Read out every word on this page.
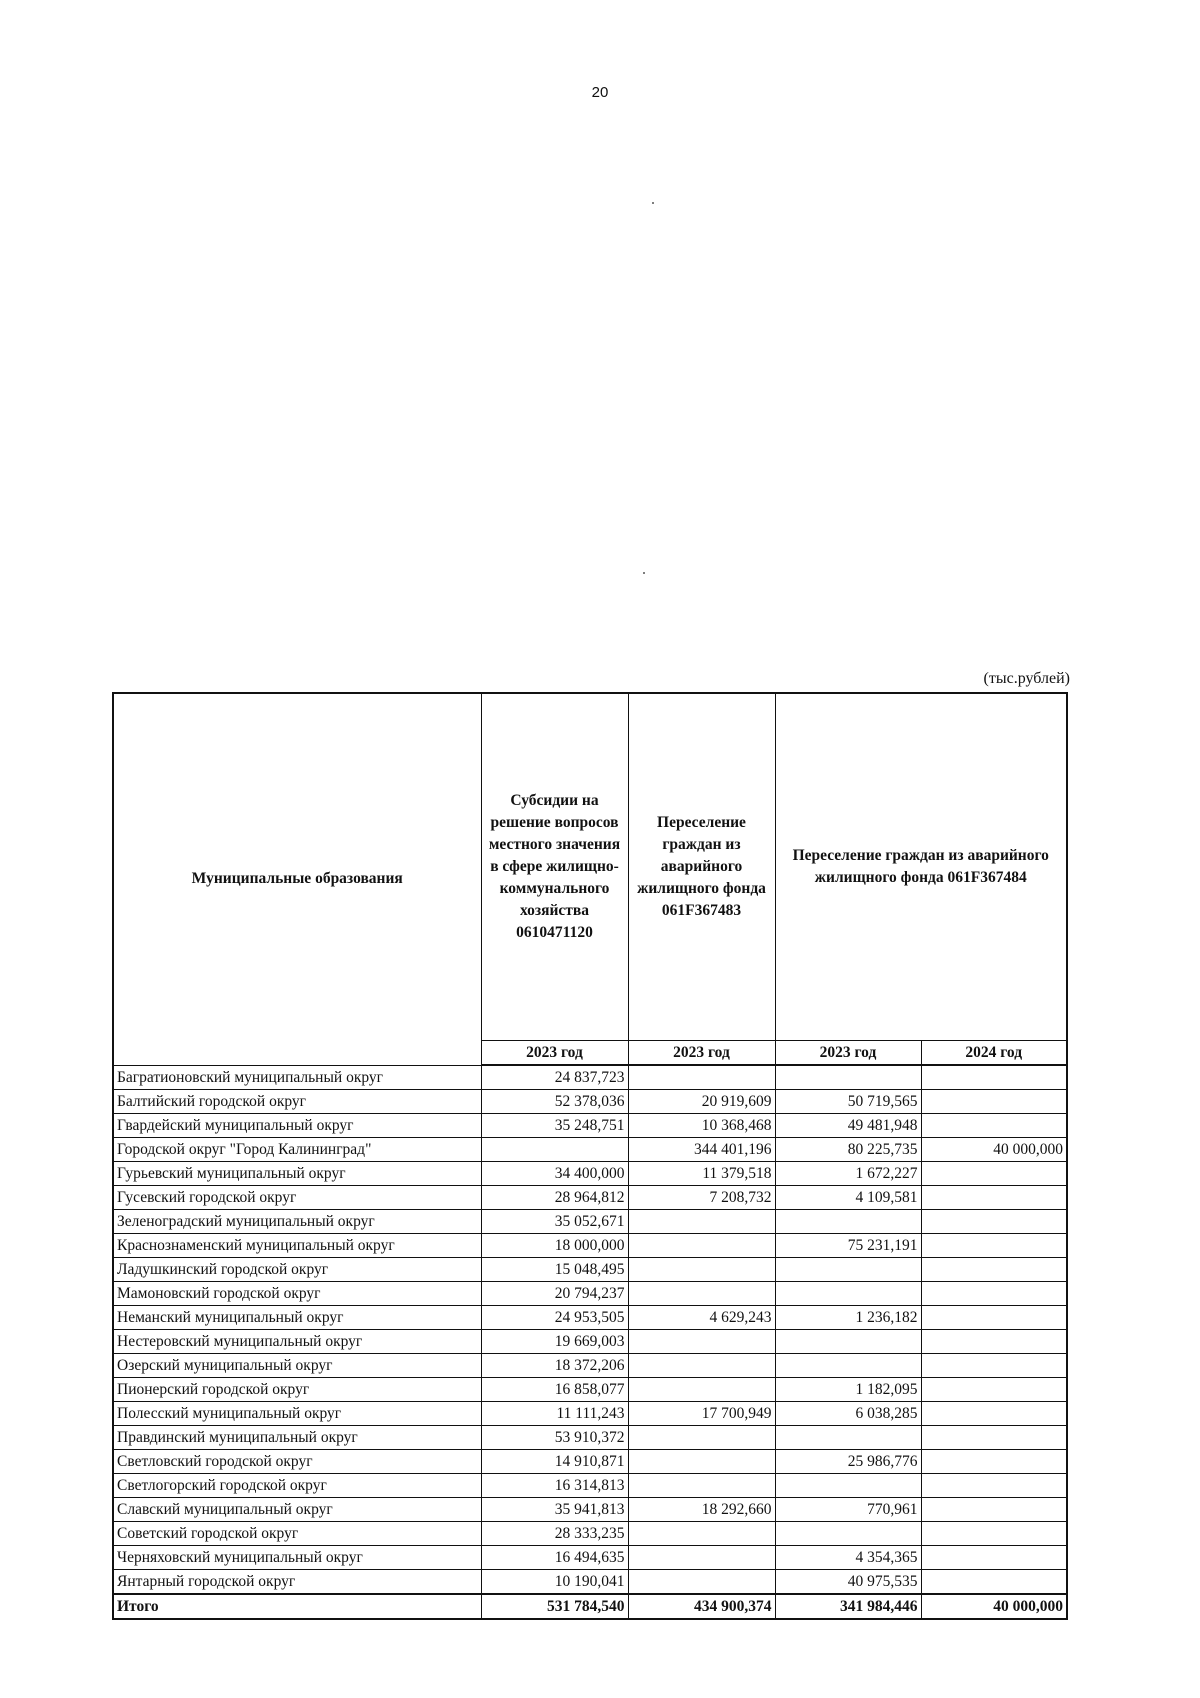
20
(тыс.рублей)
Муниципальные образования	Субсидии на решение вопросов местного значения в сфере жилищно-коммунального хозяйства 0610471120	Переселение граждан из аварийного жилищного фонда 061F367483	Переселение граждан из аварийного жилищного фонда 061F367484	
	2023 год	2023 год	2023 год	2024 год
Багратионовский муниципальный округ	24 837,723			
Балтийский городской округ	52 378,036	20 919,609	50 719,565	
Гвардейский муниципальный округ	35 248,751	10 368,468	49 481,948	
Городской округ "Город Калининград"		344 401,196	80 225,735	40 000,000
Гурьевский муниципальный округ	34 400,000	11 379,518	1 672,227	
Гусевский городской округ	28 964,812	7 208,732	4 109,581	
Зеленоградский муниципальный округ	35 052,671			
Краснознаменский муниципальный округ	18 000,000		75 231,191	
Ладушкинский городской округ	15 048,495			
Мамоновский городской округ	20 794,237			
Неманский муниципальный округ	24 953,505	4 629,243	1 236,182	
Нестеровский муниципальный округ	19 669,003			
Озерский муниципальный округ	18 372,206			
Пионерский городской округ	16 858,077		1 182,095	
Полесский муниципальный округ	11 111,243	17 700,949	6 038,285	
Правдинский муниципальный округ	53 910,372			
Светловский городской округ	14 910,871		25 986,776	
Светлогорский городской округ	16 314,813			
Славский муниципальный округ	35 941,813	18 292,660	770,961	
Советский городской округ	28 333,235			
Черняховский муниципальный округ	16 494,635		4 354,365	
Янтарный городской округ	10 190,041		40 975,535	
Итого	531 784,540	434 900,374	341 984,446	40 000,000
